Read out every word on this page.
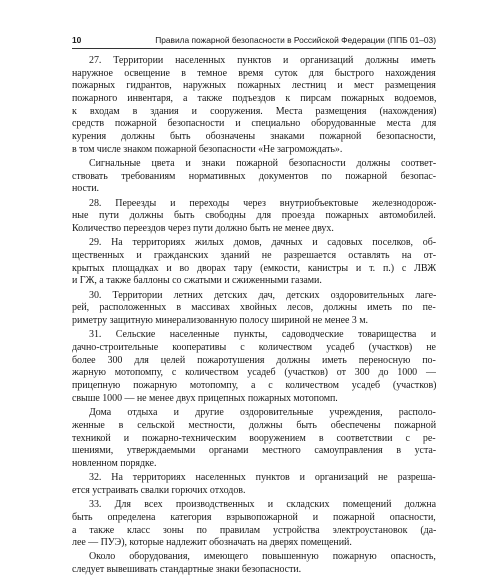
10	Правила пожарной безопасности в Российской Федерации (ППБ 01–03)
27. Территории населенных пунктов и организаций должны иметь
наружное освещение в темное время суток для быстрого нахождения
пожарных гидрантов, наружных пожарных лестниц и мест размещения
пожарного инвентаря, а также подъездов к пирсам пожарных водоемов,
к входам в здания и сооружения. Места размещения (нахождения)
средств пожарной безопасности и специально оборудованные места для
курения должны быть обозначены знаками пожарной безопасности,
в том числе знаком пожарной безопасности «Не загромождать».
Сигнальные цвета и знаки пожарной безопасности должны соответ-
ствовать требованиям нормативных документов по пожарной безопас-
ности.
28. Переезды и переходы через внутриобъектовые железнодорож-
ные пути должны быть свободны для проезда пожарных автомобилей.
Количество переездов через пути должно быть не менее двух.
29. На территориях жилых домов, дачных и садовых поселков, об-
щественных и гражданских зданий не разрешается оставлять на от-
крытых площадках и во дворах тару (емкости, канистры и т. п.) с ЛВЖ
и ГЖ, а также баллоны со сжатыми и сжиженными газами.
30. Территории летних детских дач, детских оздоровительных лаге-
рей, расположенных в массивах хвойных лесов, должны иметь по пе-
риметру защитную минерализованную полосу шириной не менее 3 м.
31. Сельские населенные пункты, садоводческие товарищества и
дачно-строительные кооперативы с количеством усадеб (участков) не
более 300 для целей пожаротушения должны иметь переносную по-
жарную мотопомпу, с количеством усадеб (участков) от 300 до 1000 —
прицепную пожарную мотопомпу, а с количеством усадеб (участков)
свыше 1000 — не менее двух прицепных пожарных мотопомп.
Дома отдыха и другие оздоровительные учреждения, располо-
женные в сельской местности, должны быть обеспечены пожарной
техникой и пожарно-техническим вооружением в соответствии с ре-
шениями, утверждаемыми органами местного самоуправления в уста-
новленном порядке.
32. На территориях населенных пунктов и организаций не разреша-
ется устраивать свалки горючих отходов.
33. Для всех производственных и складских помещений должна
быть определена категория взрывопожарной и пожарной опасности,
а также класс зоны по правилам устройства электроустановок (да-
лее — ПУЭ), которые надлежит обозначать на дверях помещений.
Около оборудования, имеющего повышенную пожарную опасность,
следует вывешивать стандартные знаки безопасности.
